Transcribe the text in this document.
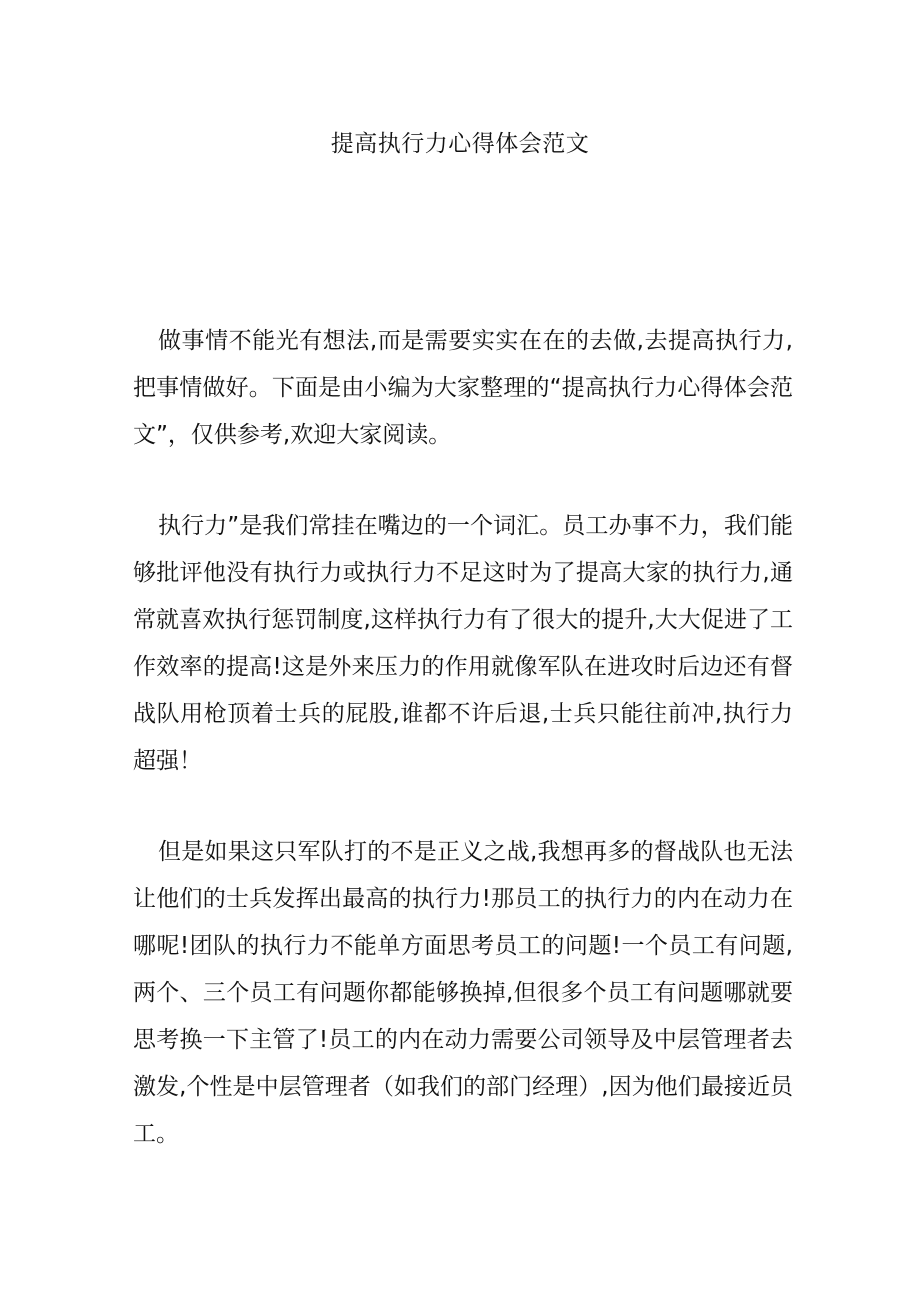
提高执行力心得体会范文

做事情不能光有想法,而是需要实实在在的去做,去提高执行力,把事情做好。下面是由小编为大家整理的“提高执行力心得体会范文”，仅供参考,欢迎大家阅读。

执行力”是我们常挂在嘴边的一个词汇。员工办事不力，我们能够批评他没有执行力或执行力不足这时为了提高大家的执行力,通常就喜欢执行惩罚制度,这样执行力有了很大的提升,大大促进了工作效率的提高!这是外来压力的作用就像军队在进攻时后边还有督战队用枪顶着士兵的屁股,谁都不许后退,士兵只能往前冲,执行力超强！

但是如果这只军队打的不是正义之战,我想再多的督战队也无法让他们的士兵发挥出最高的执行力!那员工的执行力的内在动力在哪呢!团队的执行力不能单方面思考员工的问题!一个员工有问题,两个、三个员工有问题你都能够换掉,但很多个员工有问题哪就要思考换一下主管了!员工的内在动力需要公司领导及中层管理者去激发,个性是中层管理者（如我们的部门经理）,因为他们最接近员工。
